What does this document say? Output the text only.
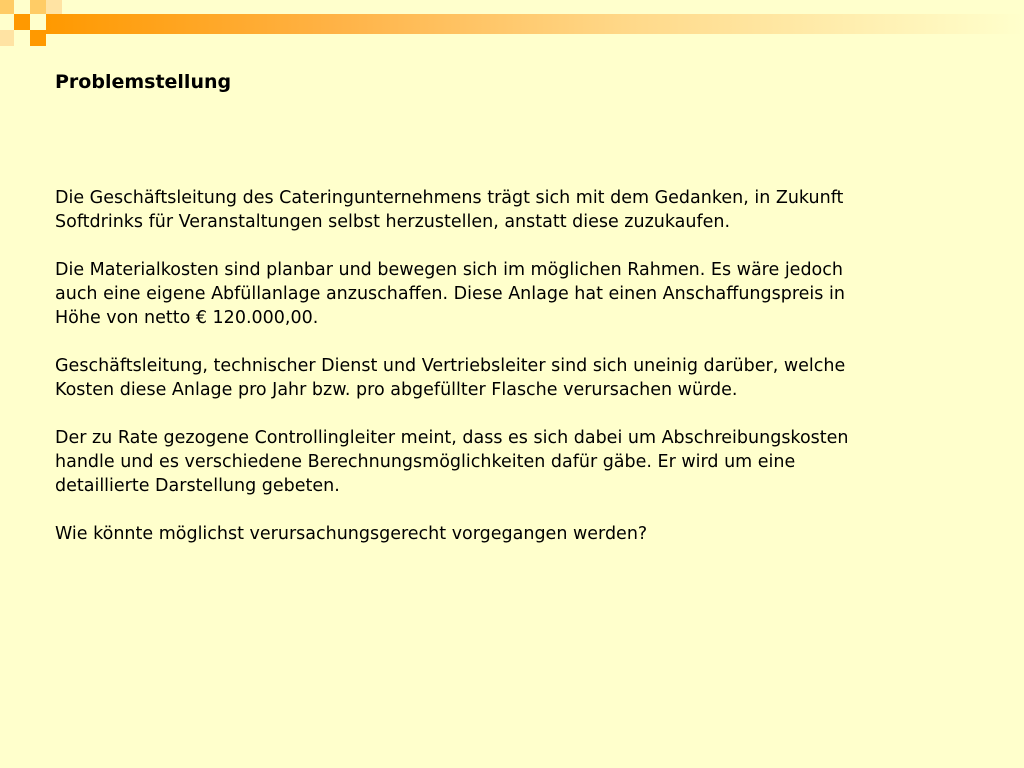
Problemstellung

Die Geschäftsleitung des Cateringunternehmens trägt sich mit dem Gedanken, in Zukunft Softdrinks für Veranstaltungen selbst herzustellen, anstatt diese zuzukaufen.

Die Materialkosten sind planbar und bewegen sich im möglichen Rahmen. Es wäre jedoch auch eine eigene Abfüllanlage anzuschaffen. Diese Anlage hat einen Anschaffungspreis in Höhe von netto € 120.000,00.

Geschäftsleitung, technischer Dienst und Vertriebsleiter sind sich uneinig darüber, welche Kosten diese Anlage pro Jahr bzw. pro abgefüllter Flasche verursachen würde.

Der zu Rate gezogene Controllingleiter meint, dass es sich dabei um Abschreibungskosten handle und es verschiedene Berechnungsmöglichkeiten dafür gäbe. Er wird um eine detaillierte Darstellung gebeten.

Wie könnte möglichst verursachungsgerecht vorgegangen werden?
